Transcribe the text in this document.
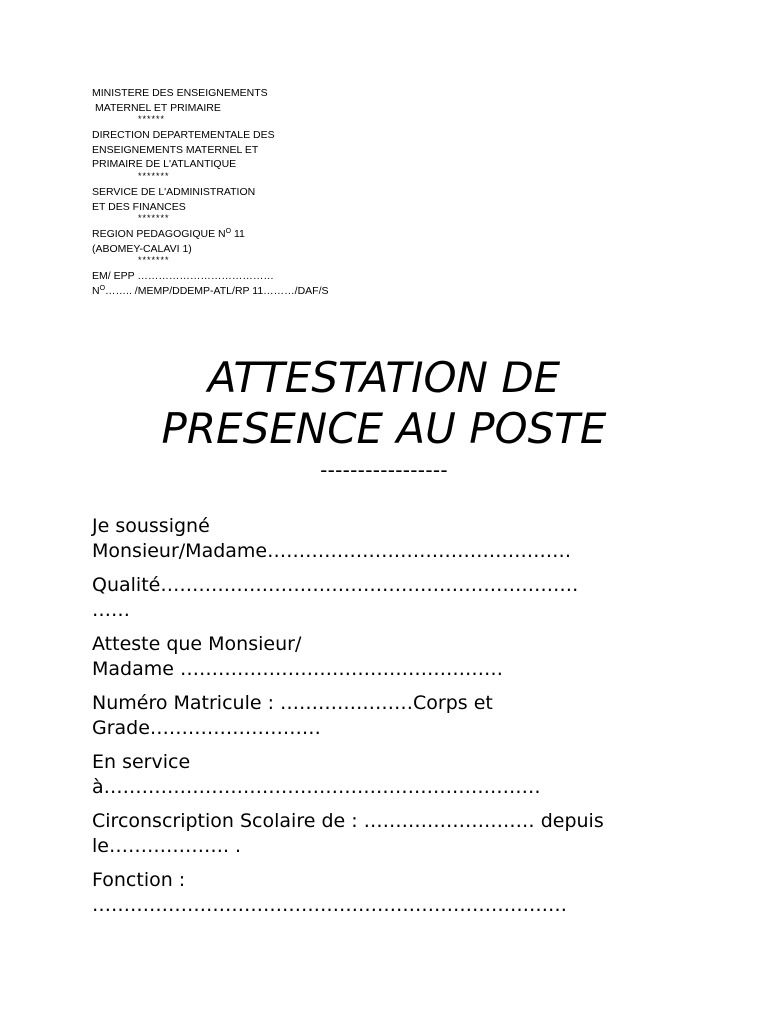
MINISTERE DES ENSEIGNEMENTS
MATERNEL ET PRIMAIRE
******
DIRECTION DEPARTEMENTALE DES
ENSEIGNEMENTS MATERNEL ET
PRIMAIRE DE L'ATLANTIQUE
*******
SERVICE DE L'ADMINISTRATION
ET DES FINANCES
*******
REGION PEDAGOGIQUE $N^O$ 11
(ABOMEY-CALAVI 1)
*******
EM/ EPP …………………………………
$N^O\dots\dots$.. /MEMP/DDEMP-ATL/RP 11………/DAF/S
ATTESTATION DE
PRESENCE AU POSTE
-----------------
Je soussigné
Monsieur/Madame…………………………………………
Qualité…………………………………………………………
……
Atteste que Monsieur/
Madame ……………………………………………
Numéro Matricule : …………………Corps et
Grade………………………
En service
à……………………………………………………………
Circonscription Scolaire de : ……………………… depuis
le………………. .
Fonction :
…………………………………………………………………
